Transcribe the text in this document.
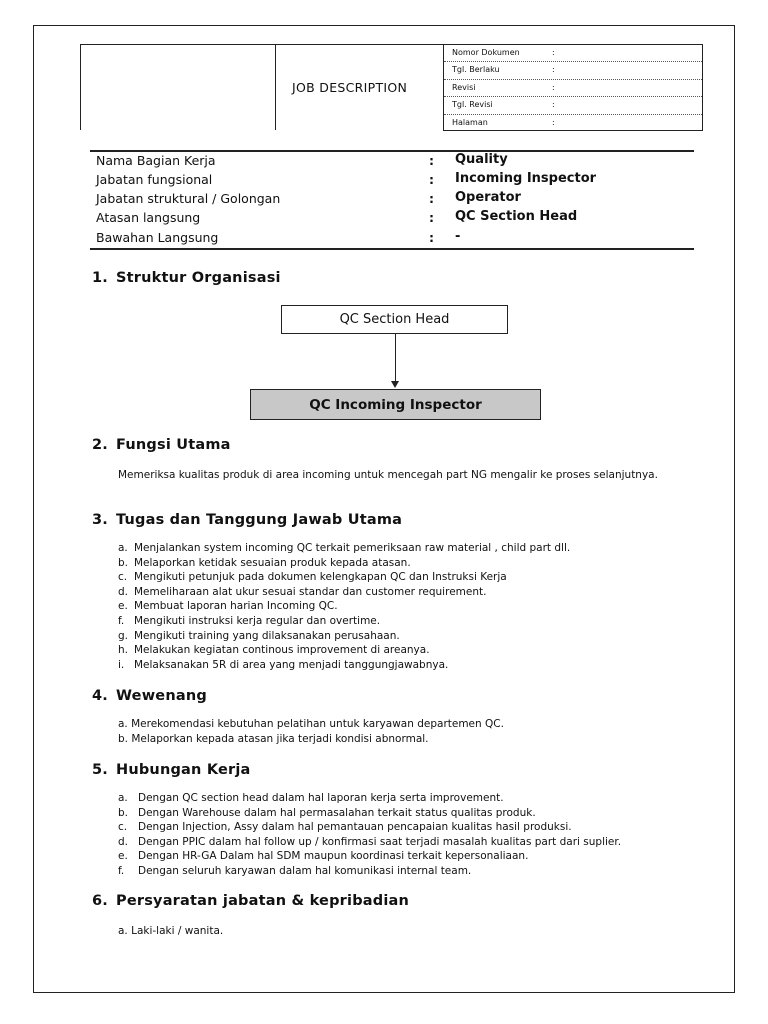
JOB DESCRIPTION
Nomor Dokumen	:
Tgl. Berlaku	:
Revisi	:
Tgl. Revisi	:
Halaman	:
Nama Bagian Kerja	: Quality
Jabatan fungsional	: Incoming Inspector
Jabatan struktural / Golongan	: Operator
Atasan langsung	: QC Section Head
Bawahan Langsung	: -
1. Struktur Organisasi
QC Section Head
QC Incoming Inspector
2. Fungsi Utama
Memeriksa kualitas produk di area incoming untuk mencegah part NG mengalir ke proses selanjutnya.
3. Tugas dan Tanggung Jawab Utama
a. Menjalankan system incoming QC terkait pemeriksaan raw material , child part dll.
b. Melaporkan ketidak sesuaian produk kepada atasan.
c. Mengikuti petunjuk pada dokumen kelengkapan QC dan Instruksi Kerja
d. Memeliharaan alat ukur sesuai standar dan customer requirement.
e. Membuat laporan harian Incoming QC.
f. Mengikuti instruksi kerja regular dan overtime.
g. Mengikuti training yang dilaksanakan perusahaan.
h. Melakukan kegiatan continous improvement di areanya.
i. Melaksanakan 5R di area yang menjadi tanggungjawabnya.
4. Wewenang
a. Merekomendasi kebutuhan pelatihan untuk karyawan departemen QC.
b. Melaporkan kepada atasan jika terjadi kondisi abnormal.
5. Hubungan Kerja
a. Dengan QC section head dalam hal laporan kerja serta improvement.
b. Dengan Warehouse dalam hal permasalahan terkait status qualitas produk.
c. Dengan Injection, Assy dalam hal pemantauan pencapaian kualitas hasil produksi.
d. Dengan PPIC dalam hal follow up / konfirmasi saat terjadi masalah kualitas part dari suplier.
e. Dengan HR-GA Dalam hal SDM maupun koordinasi terkait kepersonaliaan.
f. Dengan seluruh karyawan dalam hal komunikasi internal team.
6. Persyaratan jabatan & kepribadian
a. Laki-laki / wanita.
